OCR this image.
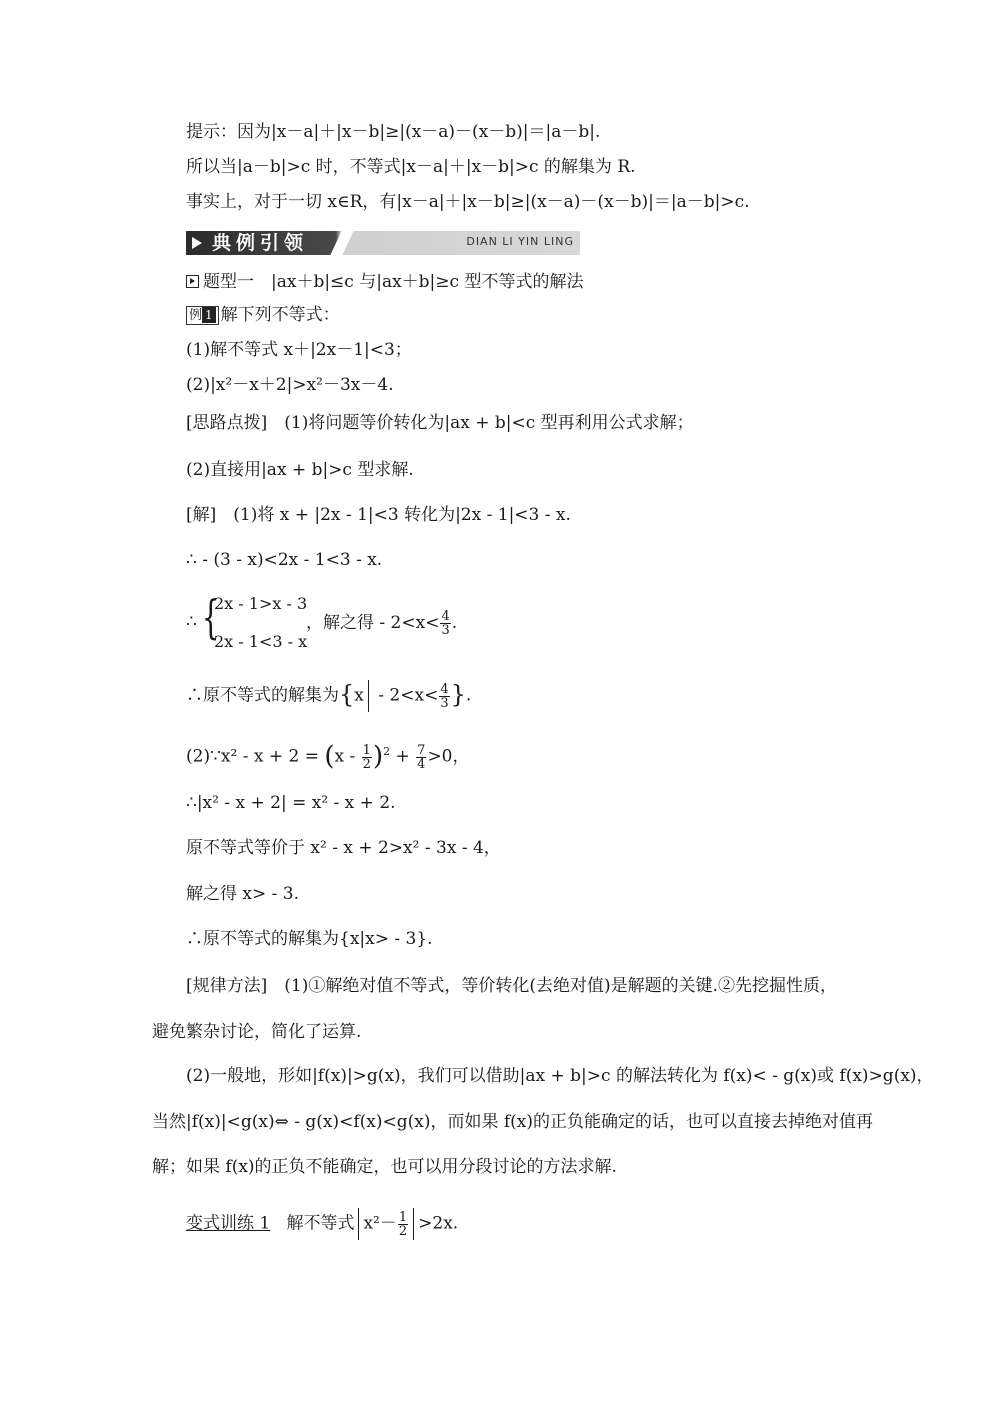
提示：因为|x－a|＋|x－b|≥|(x－a)－(x－b)|＝|a－b|.
所以当|a－b|>c 时，不等式|x－a|＋|x－b|>c 的解集为 R.
事实上，对于一切 x∈R，有|x－a|＋|x－b|≥|(x－a)－(x－b)|＝|a－b|>c.
典例引领	DIAN LI YIN LING
题型一　|ax＋b|≤c 与|ax＋b|≥c 型不等式的解法
例 1 解下列不等式：
(1)解不等式 x＋|2x－1|<3；
(2)|x²－x＋2|>x²－3x－4.
[思路点拨]　(1)将问题等价转化为|ax + b|<c 型再利用公式求解；
(2)直接用|ax + b|>c 型求解.
[解]　(1)将 x + |2x - 1|<3 转化为|2x - 1|<3 - x.
∴ - (3 - x)<2x - 1<3 - x.
∴ {
2x - 1>x - 3
2x - 1<3 - x
，解之得 - $2<x< \frac{4}{3}$ .
∴原不等式的解集为{$x - 2<x< \frac{4}{3}$ }.
(2)∵x² - $x + 2 = (x - \frac{1}{2} )^2 + \frac{7}{4} >0$，
∴|x² - x + 2| = x² - x + 2.
原不等式等价于 x² - x + 2>x² - 3x - 4，
解之得 x> - 3.
∴原不等式的解集为{x|x> - 3}.
[规律方法]　(1)①解绝对值不等式，等价转化(去绝对值)是解题的关键.②先挖掘性质，
避免繁杂讨论，简化了运算.
(2)一般地，形如|f(x)|>g(x)，我们可以借助|ax + b|>c 的解法转化为 f(x)< - g(x)或 f(x)>g(x)，
当然|f(x)|<g(x)⇔ - g(x)<f(x)<g(x)，而如果 f(x)的正负能确定的话，也可以直接去掉绝对值再
解；如果 f(x)的正负不能确定，也可以用分段讨论的方法求解.
变式训练 1 解不等式 $x^2- \frac{1}{2} >2x$.
